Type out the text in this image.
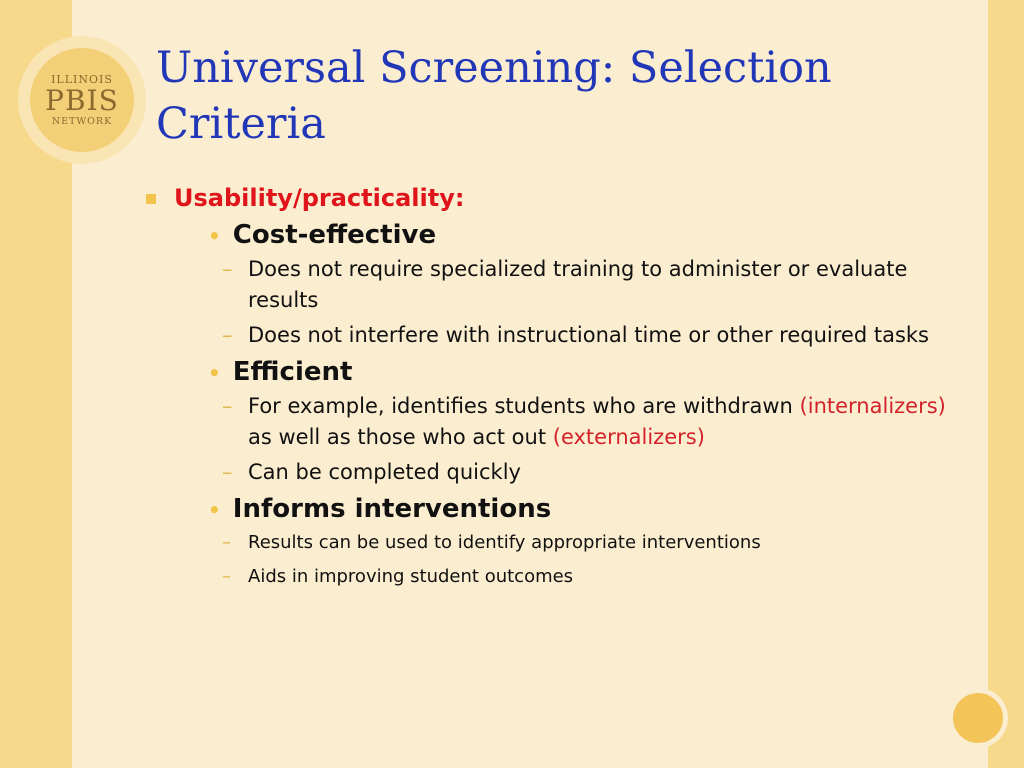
ILLINOIS
PBIS
NETWORK
Universal Screening: Selection Criteria
Usability/practicality:
• Cost-effective
– Does not require specialized training to administer or evaluate results
– Does not interfere with instructional time or other required tasks
• Efficient
– For example, identifies students who are withdrawn (internalizers) as well as those who act out (externalizers)
– Can be completed quickly
• Informs interventions
– Results can be used to identify appropriate interventions
– Aids in improving student outcomes
